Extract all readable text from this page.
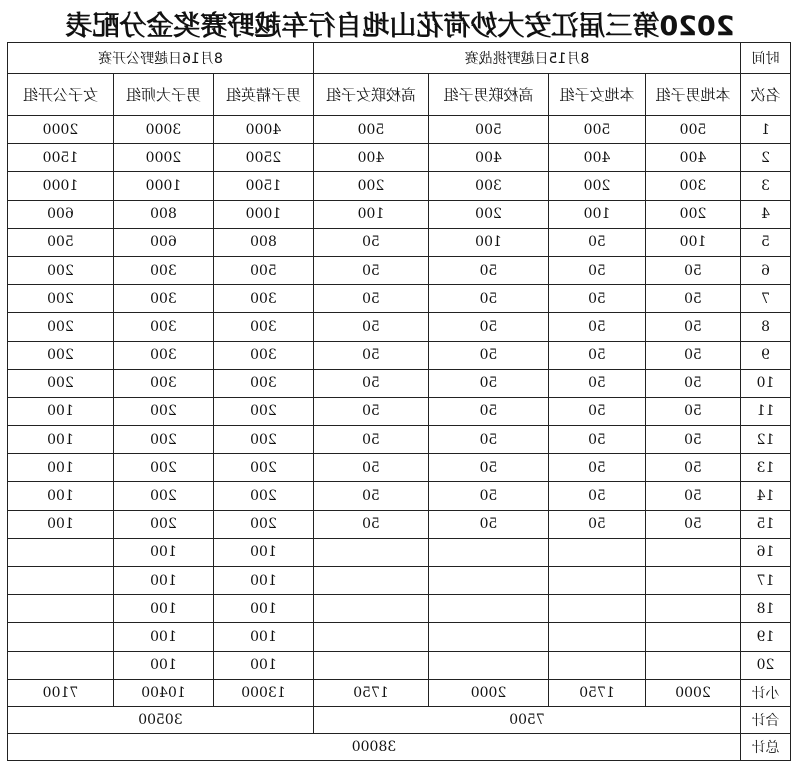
2020第三届江安大妙荷花山地自行车越野赛奖金分配表
时间	8月15日越野挑战赛				8月16日越野公开赛		
名次	本地男子组	本地女子组	高校联男子组	高校联女子组	男子精英组	男子大师组	女子公开组
1	500	500	500	500	4000	3000	2000
2	400	400	400	400	2500	2000	1500
3	300	200	300	200	1500	1000	1000
4	200	100	200	100	1000	800	600
5	100	50	100	50	800	600	500
6	50	50	50	50	500	300	200
7	50	50	50	50	300	300	200
8	50	50	50	50	300	300	200
9	50	50	50	50	300	300	200
10	50	50	50	50	300	300	200
11	50	50	50	50	200	200	100
12	50	50	50	50	200	200	100
13	50	50	50	50	200	200	100
14	50	50	50	50	200	200	100
15	50	50	50	50	200	200	100
16					100	100	
17					100	100	
18					100	100	
19					100	100	
20					100	100	
小计	2000	1750	2000	1750	13000	10400	7100
合计	7500				30500		
总计	38000						
